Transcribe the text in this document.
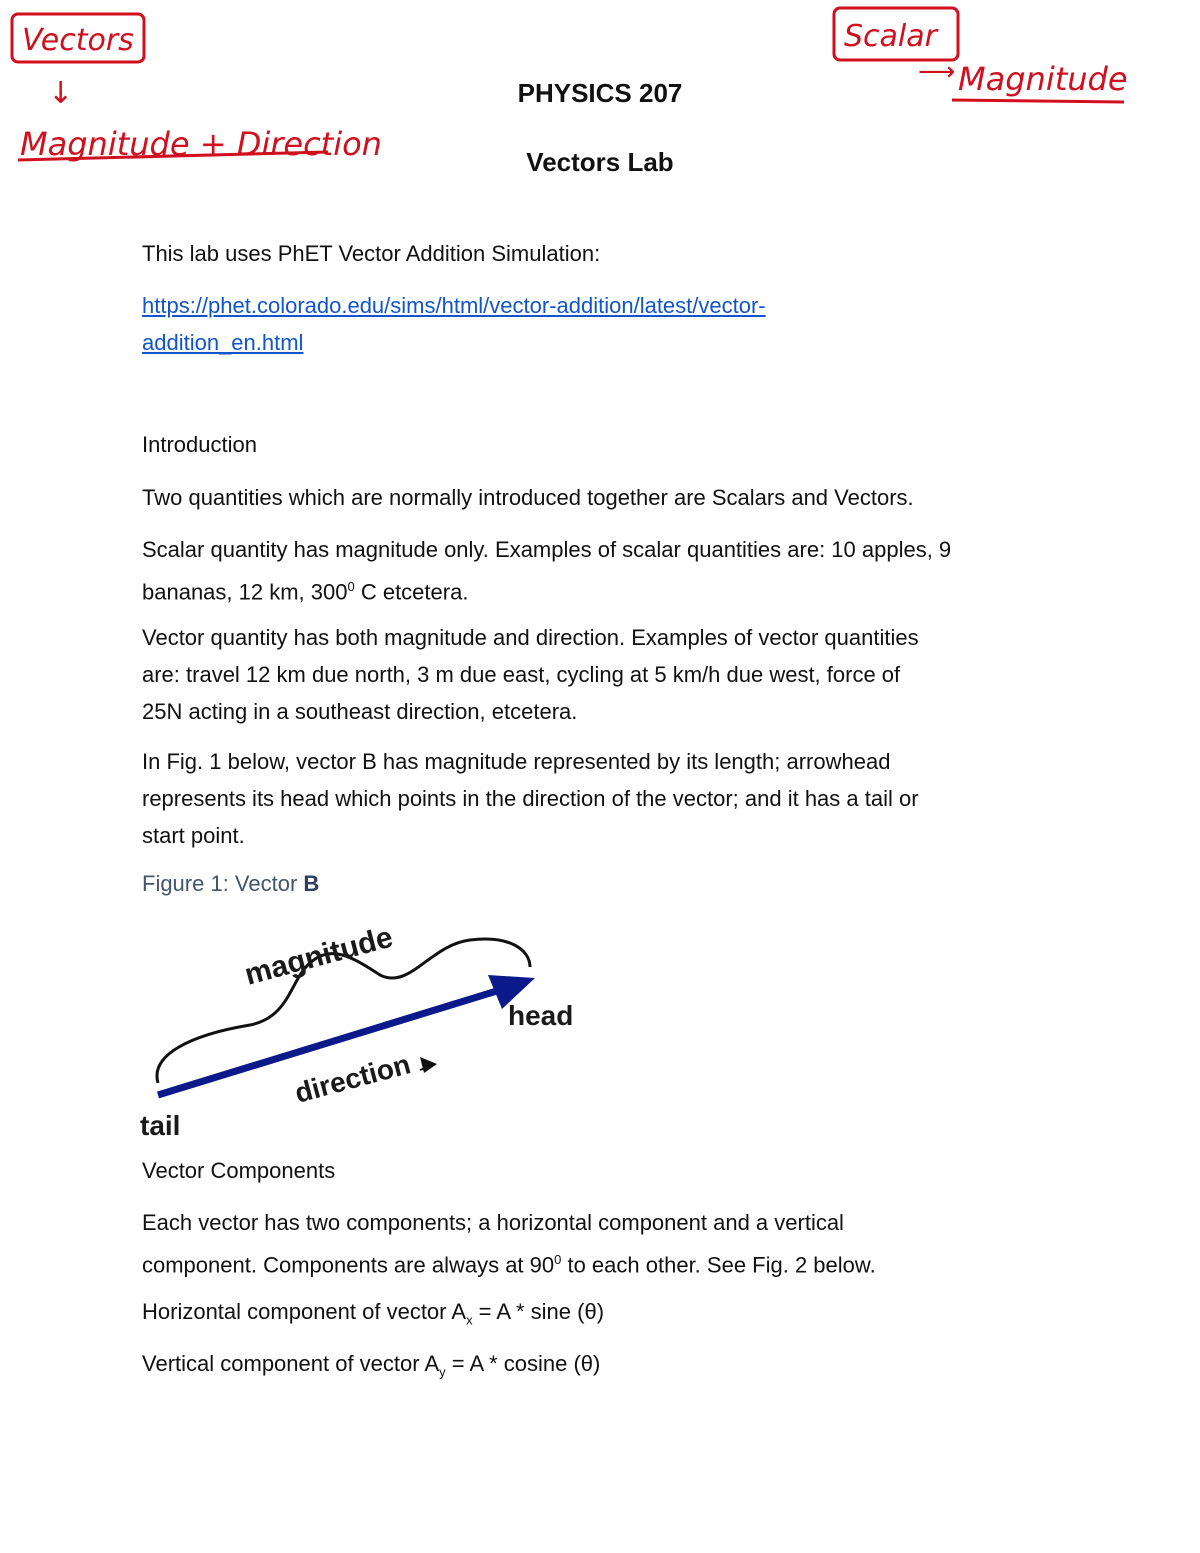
Vectors
↓
Magnitude + Direction
Scalar
⟶ Magnitude
PHYSICS 207
Vectors Lab

This lab uses PhET Vector Addition Simulation:

https://phet.colorado.edu/sims/html/vector-addition/latest/vector-
addition_en.html

Introduction

Two quantities which are normally introduced together are Scalars and Vectors.

Scalar quantity has magnitude only. Examples of scalar quantities are: 10 apples, 9
bananas, 12 km, $300^0$ C etcetera.

Vector quantity has both magnitude and direction. Examples of vector quantities
are: travel 12 km due north, 3 m due east, cycling at 5 km/h due west, force of
25N acting in a southeast direction, etcetera.

In Fig. 1 below, vector B has magnitude represented by its length; arrowhead
represents its head which points in the direction of the vector; and it has a tail or
start point.

Figure 1: Vector B
magnitude
head
direction
tail

Vector Components

Each vector has two components; a horizontal component and a vertical
component. Components are always at $90^0$ to each other. See Fig. 2 below.

Horizontal component of vector $A_x = A * \sin e$ (θ)

Vertical component of vector $A_y = A * cosine$ (θ)
